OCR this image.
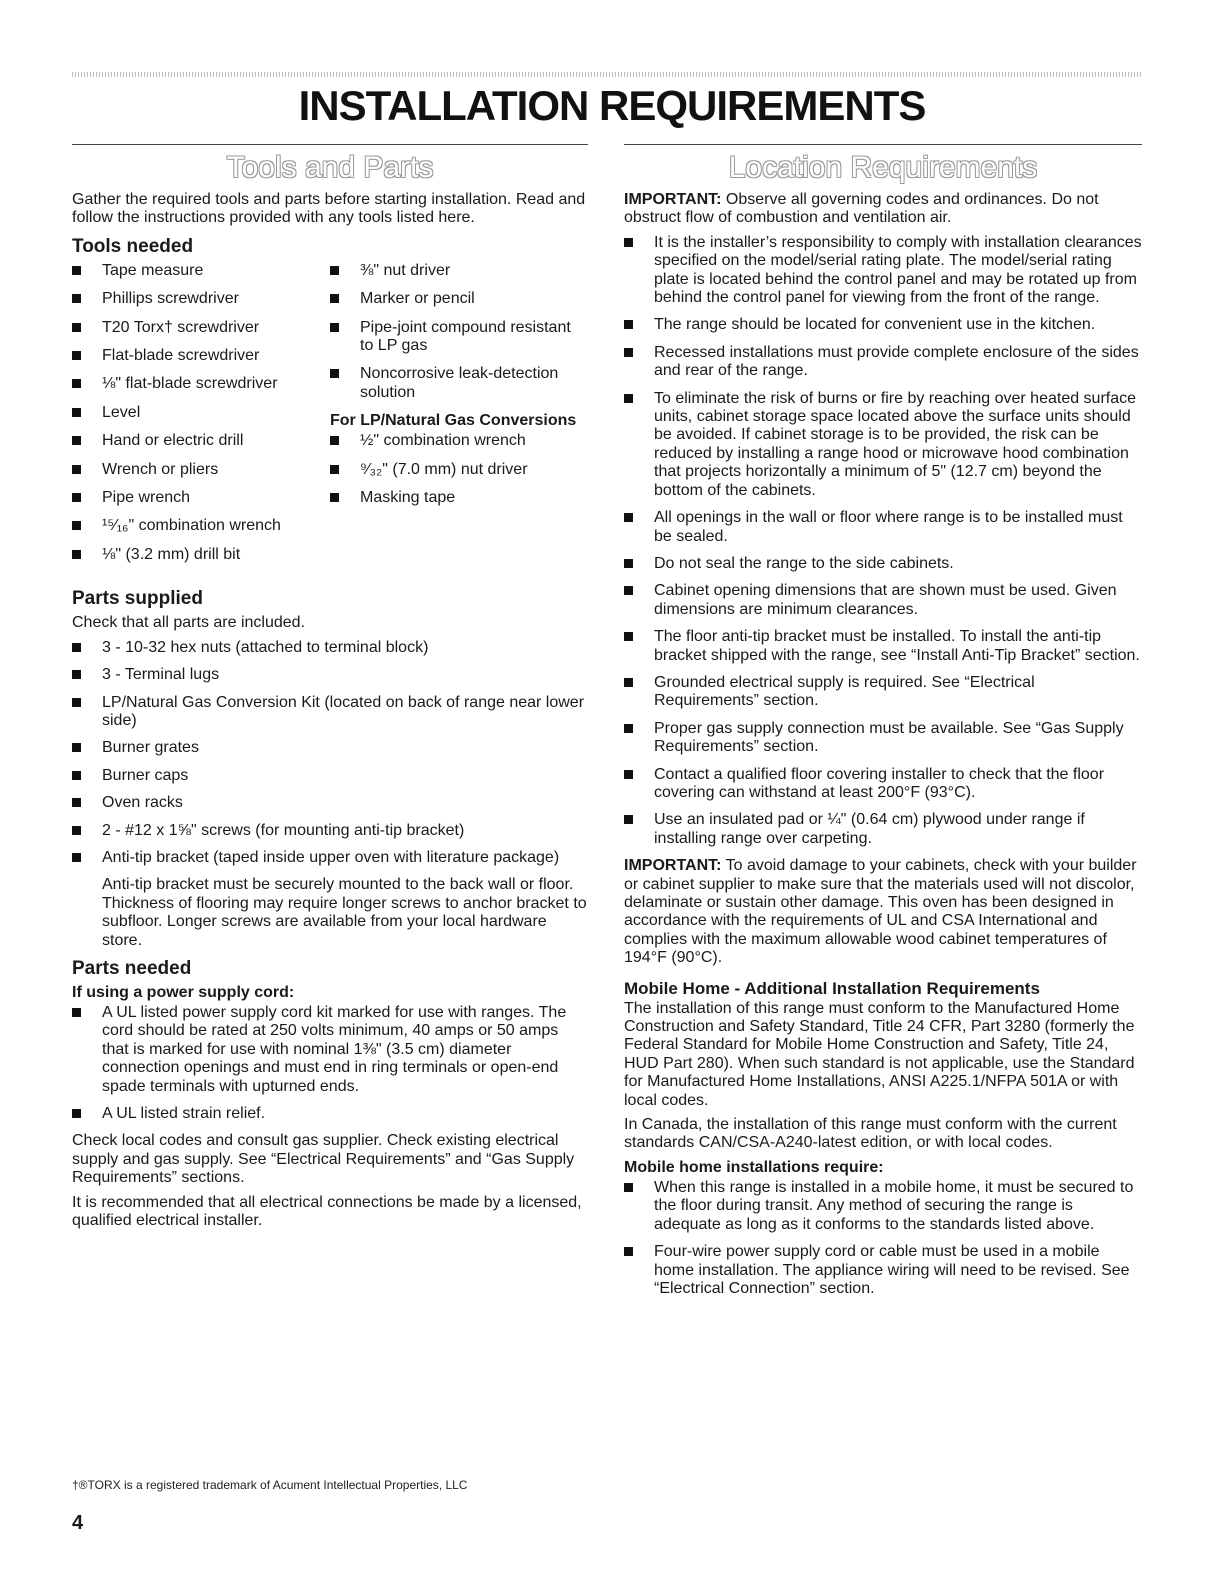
INSTALLATION REQUIREMENTS
Tools and Parts

Gather the required tools and parts before starting installation. Read and follow the instructions provided with any tools listed here.

Tools needed
Tape measure
Phillips screwdriver
T20 Torx† screwdriver
Flat-blade screwdriver
⅛" flat-blade screwdriver
Level
Hand or electric drill
Wrench or pliers
Pipe wrench
¹⁵⁄₁₆" combination wrench
⅛" (3.2 mm) drill bit
⅜" nut driver
Marker or pencil
Pipe-joint compound resistant to LP gas
Noncorrosive leak-detection solution
For LP/Natural Gas Conversions
½" combination wrench
⁹⁄₃₂" (7.0 mm) nut driver
Masking tape
Parts supplied

Check that all parts are included.

3 - 10-32 hex nuts (attached to terminal block)
3 - Terminal lugs
LP/Natural Gas Conversion Kit (located on back of range near lower side)
Burner grates
Burner caps
Oven racks
2 - #12 x 1⅝" screws (for mounting anti-tip bracket)
Anti-tip bracket (taped inside upper oven with literature package)

Anti-tip bracket must be securely mounted to the back wall or floor. Thickness of flooring may require longer screws to anchor bracket to subfloor. Longer screws are available from your local hardware store.

Parts needed
If using a power supply cord:
A UL listed power supply cord kit marked for use with ranges. The cord should be rated at 250 volts minimum, 40 amps or 50 amps that is marked for use with nominal 1⅜" (3.5 cm) diameter connection openings and must end in ring terminals or open-end spade terminals with upturned ends.
A UL listed strain relief.

Check local codes and consult gas supplier. Check existing electrical supply and gas supply. See “Electrical Requirements” and “Gas Supply Requirements” sections.

It is recommended that all electrical connections be made by a licensed, qualified electrical installer.

Location Requirements

IMPORTANT: Observe all governing codes and ordinances. Do not obstruct flow of combustion and ventilation air.

It is the installer’s responsibility to comply with installation clearances specified on the model/serial rating plate. The model/serial rating plate is located behind the control panel and may be rotated up from behind the control panel for viewing from the front of the range.
The range should be located for convenient use in the kitchen.
Recessed installations must provide complete enclosure of the sides and rear of the range.
To eliminate the risk of burns or fire by reaching over heated surface units, cabinet storage space located above the surface units should be avoided. If cabinet storage is to be provided, the risk can be reduced by installing a range hood or microwave hood combination that projects horizontally a minimum of 5" (12.7 cm) beyond the bottom of the cabinets.
All openings in the wall or floor where range is to be installed must be sealed.
Do not seal the range to the side cabinets.
Cabinet opening dimensions that are shown must be used. Given dimensions are minimum clearances.
The floor anti-tip bracket must be installed. To install the anti-tip bracket shipped with the range, see “Install Anti-Tip Bracket” section.
Grounded electrical supply is required. See “Electrical Requirements” section.
Proper gas supply connection must be available. See “Gas Supply Requirements” section.
Contact a qualified floor covering installer to check that the floor covering can withstand at least 200°F (93°C).
Use an insulated pad or ¼" (0.64 cm) plywood under range if installing range over carpeting.

IMPORTANT: To avoid damage to your cabinets, check with your builder or cabinet supplier to make sure that the materials used will not discolor, delaminate or sustain other damage. This oven has been designed in accordance with the requirements of UL and CSA International and complies with the maximum allowable wood cabinet temperatures of 194°F (90°C).

Mobile Home - Additional Installation Requirements

The installation of this range must conform to the Manufactured Home Construction and Safety Standard, Title 24 CFR, Part 3280 (formerly the Federal Standard for Mobile Home Construction and Safety, Title 24, HUD Part 280). When such standard is not applicable, use the Standard for Manufactured Home Installations, ANSI A225.1/NFPA 501A or with local codes.

In Canada, the installation of this range must conform with the current standards CAN/CSA-A240-latest edition, or with local codes.

Mobile home installations require:
When this range is installed in a mobile home, it must be secured to the floor during transit. Any method of securing the range is adequate as long as it conforms to the standards listed above.
Four-wire power supply cord or cable must be used in a mobile home installation. The appliance wiring will need to be revised. See “Electrical Connection” section.
†®TORX is a registered trademark of Acument Intellectual Properties, LLC
4
